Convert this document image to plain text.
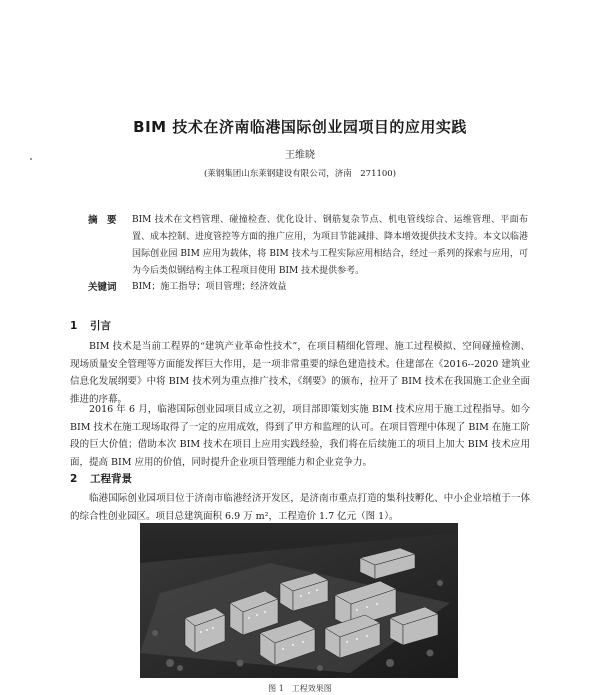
BIM 技术在济南临港国际创业园项目的应用实践
王维晓
(莱钢集团山东莱钢建设有限公司，济南　271100)
摘　要	BIM 技术在文档管理、碰撞检查、优化设计、钢筋复杂节点、机电管线综合、运维管理、平面布置、成本控制、进度管控等方面的推广应用，为项目节能减排、降本增效提供技术支持。本文以临港国际创业园 BIM 应用为载体，将 BIM 技术与工程实际应用相结合，经过一系列的探索与应用，可为今后类似钢结构主体工程项目使用 BIM 技术提供参考。
关键词	BIM；施工指导；项目管理；经济效益
1 引言
BIM 技术是当前工程界的“建筑产业革命性技术”，在项目精细化管理、施工过程模拟、空间碰撞检测、现场质量安全管理等方面能发挥巨大作用，是一项非常重要的绿色建造技术。住建部在《2016--2020 建筑业信息化发展纲要》中将 BIM 技术列为重点推广技术，《纲要》的颁布，拉开了 BIM 技术在我国施工企业全面推进的序幕。
2016 年 6 月，临港国际创业园项目成立之初，项目部即策划实施 BIM 技术应用于施工过程指导。如今 BIM 技术在施工现场取得了一定的应用成效，得到了甲方和监理的认可。在项目管理中体现了 BIM 在施工阶段的巨大价值；借助本次 BIM 技术在项目上应用实践经验，我们将在后续施工的项目上加大 BIM 技术应用面，提高 BIM 应用的价值，同时提升企业项目管理能力和企业竞争力。
2 工程背景
临港国际创业园项目位于济南市临港经济开发区，是济南市重点打造的集科技孵化、中小企业培植于一体的综合性创业园区。项目总建筑面积 6.9 万 m²，工程造价 1.7 亿元（图 1）。
图 1　工程效果图
